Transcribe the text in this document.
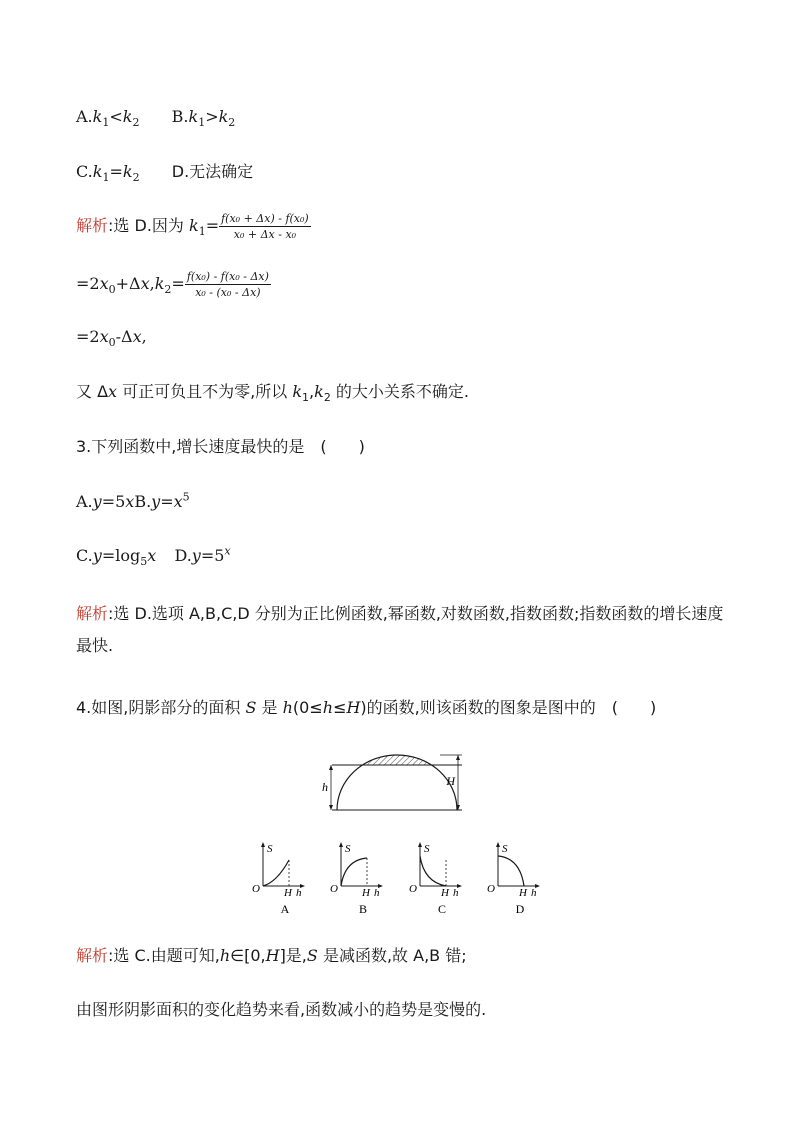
$A.k_1<k_2$ $B.k_1>k_2$
$C.k_1=k_2$ D.无法确定
解析:选 D.因为 $k_1= \frac{\text{f(x₀ + Δx) - f(x₀)}}{\text{x₀ + Δx - x₀}}$
$=2x_0+\Delta x,k_2= \frac{\text{f(x₀) - f(x₀ - Δx)}}{\text{x₀ - (x₀ - Δx)}}$
$=2x_0-\Delta x$,
又 Δx 可正可负且不为零,所以 $k_1,k_2$ 的大小关系不确定.
3.下列函数中,增长速度最快的是　(　　)
$A.y=5xB.y=x^5$
$C.y=\log_5x$ $D.y=5^x$
解析:选 D.选项 A,B,C,D 分别为正比例函数,幂函数,对数函数,指数函数;指数函数的增长速度最快.
4.如图,阴影部分的面积 S 是 h(0≤h≤H)的函数,则该函数的图象是图中的　(　　)
h	H
S
O H h
A
S
O H h
B
S
O H h
C
S
O H h
D
解析:选 C.由题可知,h∈[0,H]是,S 是减函数,故 A,B 错;
由图形阴影面积的变化趋势来看,函数减小的趋势是变慢的.
